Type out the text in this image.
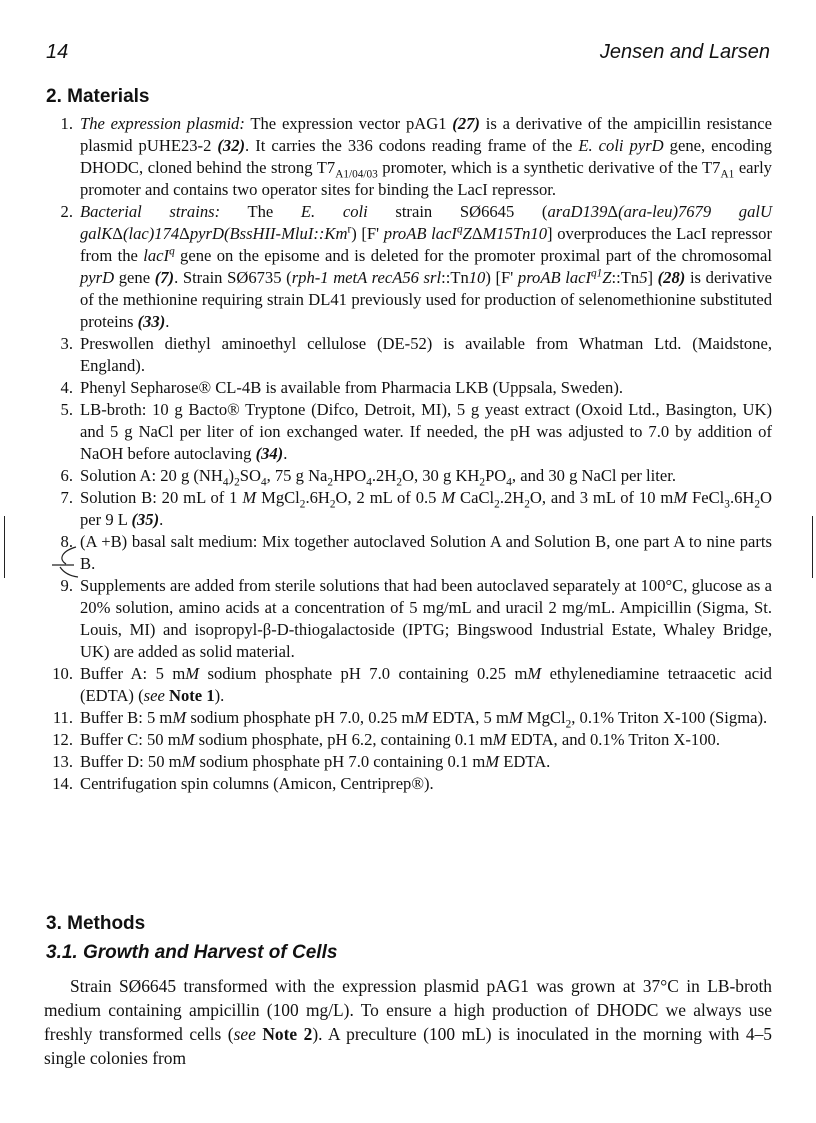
14	Jensen and Larsen
2. Materials
1. The expression plasmid: The expression vector pAG1 (27) is a derivative of the ampicillin resistance plasmid pUHE23-2 (32). It carries the 336 codons reading frame of the E. coli pyrD gene, encoding DHODC, cloned behind the strong $T7_{A1/04/03}$ promoter, which is a synthetic derivative of the $T7_{A1}$ early promoter and contains two operator sites for binding the LacI repressor.
2. Bacterial strains: The E. coli strain SØ6645 (araD139Δ(ara-leu)7679 galU galKΔ(lac)174ΔpyrD(BssHII-MluI::Km$^r$) [F' proAB lacI$^q$ZΔM15Tn10] overproduces the LacI repressor from the lacI$^q$ gene on the episome and is deleted for the promoter proximal part of the chromosomal pyrD gene (7). Strain SØ6735 (rph-1 metA recA56 srl::Tn10) [F' proAB lacI$^{q1}$Z::Tn5] (28) is derivative of the methionine requiring strain DL41 previously used for production of selenomethionine substituted proteins (33).
3. Preswollen diethyl aminoethyl cellulose (DE-52) is available from Whatman Ltd. (Maidstone, England).
4. Phenyl Sepharose® CL-4B is available from Pharmacia LKB (Uppsala, Sweden).
5. LB-broth: 10 g Bacto® Tryptone (Difco, Detroit, MI), 5 g yeast extract (Oxoid Ltd., Basington, UK) and 5 g NaCl per liter of ion exchanged water. If needed, the pH was adjusted to 7.0 by addition of NaOH before autoclaving (34).
6. Solution A: 20 g $(NH_4)_2SO_4$, 75 g $Na_2HPO_4.2H_2O$, 30 g $KH_2PO_4$, and 30 g NaCl per liter.
7. Solution B: 20 mL of 1 M $MgCl_2.6H_2O$, 2 mL of 0.5 M $CaCl_2.2H_2O$, and 3 mL of 10 mM $FeCl_3.6H_2O$ per 9 L (35).
8. (A +B) basal salt medium: Mix together autoclaved Solution A and Solution B, one part A to nine parts B.
9. Supplements are added from sterile solutions that had been autoclaved separately at 100°C, glucose as a 20% solution, amino acids at a concentration of 5 mg/mL and uracil 2 mg/mL. Ampicillin (Sigma, St. Louis, MI) and isopropyl-β-D-thiogalactoside (IPTG; Bingswood Industrial Estate, Whaley Bridge, UK) are added as solid material.
10. Buffer A: 5 mM sodium phosphate pH 7.0 containing 0.25 mM ethylenediamine tetraacetic acid (EDTA) (see Note 1).
11. Buffer B: 5 mM sodium phosphate pH 7.0, 0.25 mM EDTA, 5 mM MgCl$_2$, 0.1% Triton X-100 (Sigma).
12. Buffer C: 50 mM sodium phosphate, pH 6.2, containing 0.1 mM EDTA, and 0.1% Triton X-100.
13. Buffer D: 50 mM sodium phosphate pH 7.0 containing 0.1 mM EDTA.
14. Centrifugation spin columns (Amicon, Centriprep®).
3. Methods
3.1. Growth and Harvest of Cells

Strain SØ6645 transformed with the expression plasmid pAG1 was grown at 37°C in LB-broth medium containing ampicillin (100 mg/L). To ensure a high production of DHODC we always use freshly transformed cells (see Note 2). A preculture (100 mL) is inoculated in the morning with 4–5 single colonies from
